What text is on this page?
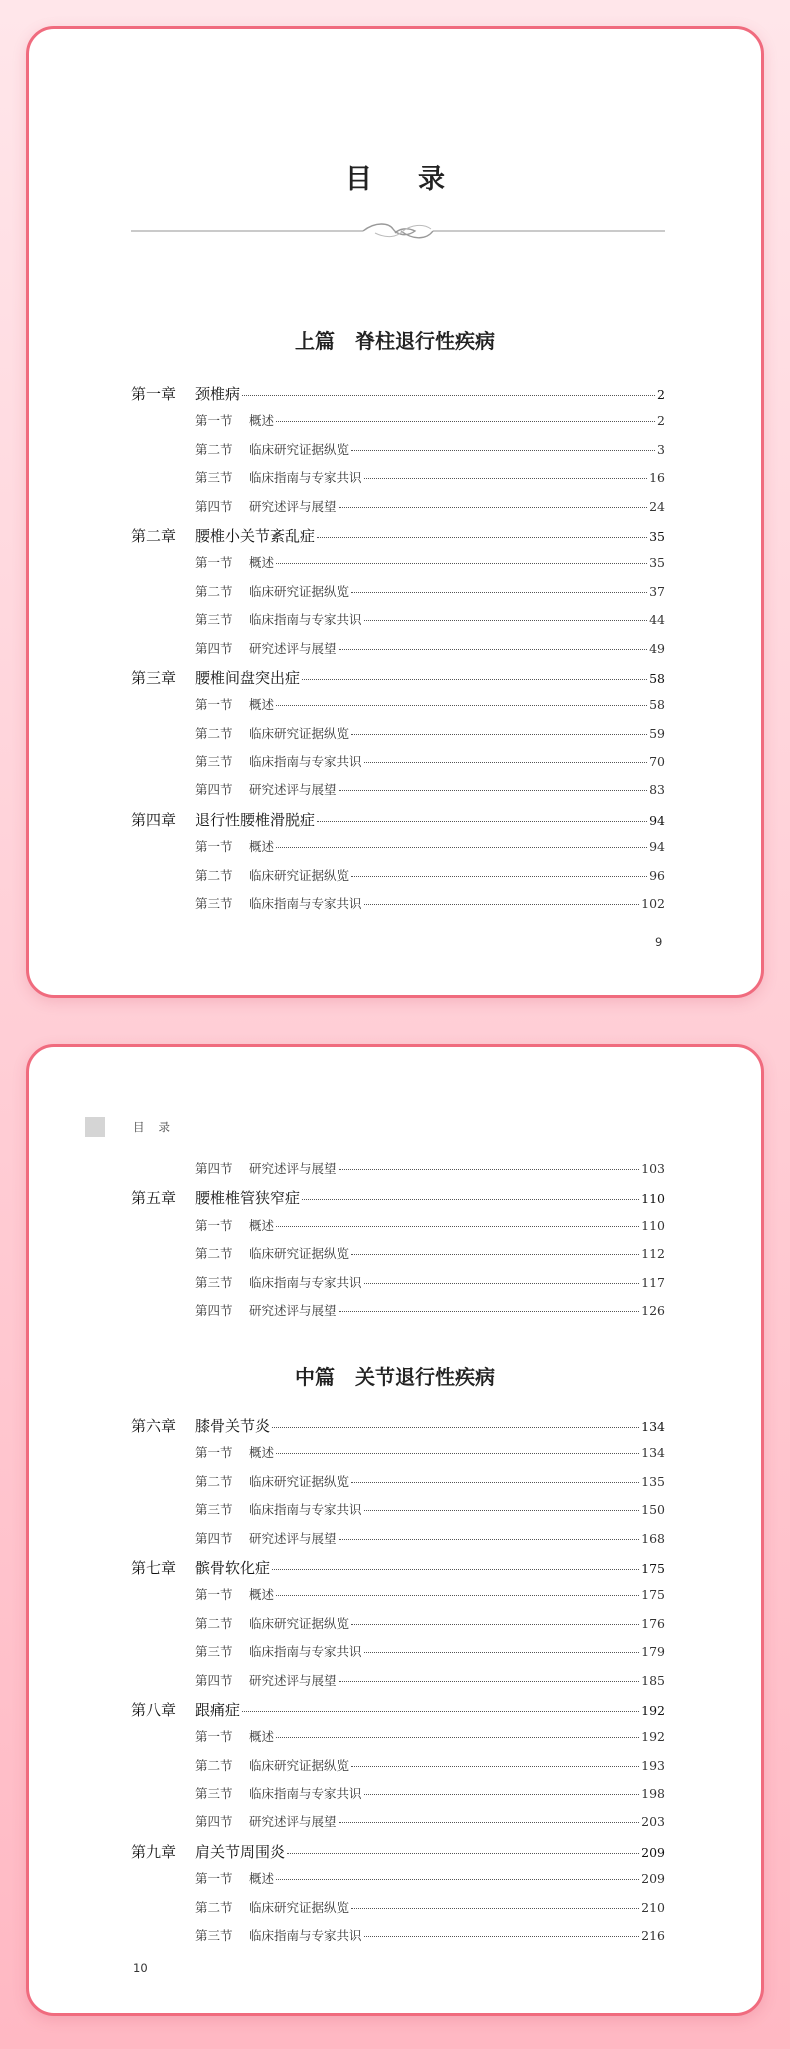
目录
上篇　脊柱退行性疾病
第一章	颈椎病	2
第一节	概述	2
第二节	临床研究证据纵览	3
第三节	临床指南与专家共识	16
第四节	研究述评与展望	24
第二章	腰椎小关节紊乱症	35
第一节	概述	35
第二节	临床研究证据纵览	37
第三节	临床指南与专家共识	44
第四节	研究述评与展望	49
第三章	腰椎间盘突出症	58
第一节	概述	58
第二节	临床研究证据纵览	59
第三节	临床指南与专家共识	70
第四节	研究述评与展望	83
第四章	退行性腰椎滑脱症	94
第一节	概述	94
第二节	临床研究证据纵览	96
第三节	临床指南与专家共识	102
9
目录
第四节	研究述评与展望	103
第五章	腰椎椎管狭窄症	110
第一节	概述	110
第二节	临床研究证据纵览	112
第三节	临床指南与专家共识	117
第四节	研究述评与展望	126
中篇　关节退行性疾病
第六章	膝骨关节炎	134
第一节	概述	134
第二节	临床研究证据纵览	135
第三节	临床指南与专家共识	150
第四节	研究述评与展望	168
第七章	髌骨软化症	175
第一节	概述	175
第二节	临床研究证据纵览	176
第三节	临床指南与专家共识	179
第四节	研究述评与展望	185
第八章	跟痛症	192
第一节	概述	192
第二节	临床研究证据纵览	193
第三节	临床指南与专家共识	198
第四节	研究述评与展望	203
第九章	肩关节周围炎	209
第一节	概述	209
第二节	临床研究证据纵览	210
第三节	临床指南与专家共识	216
10
